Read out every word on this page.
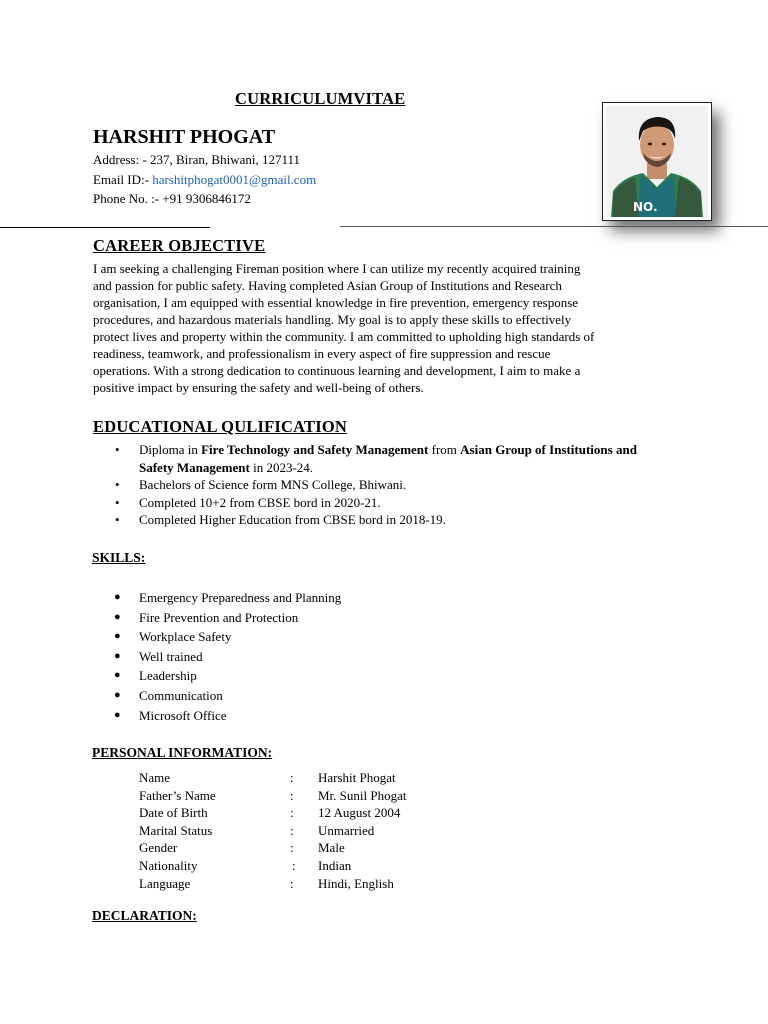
CURRICULUMVITAE
HARSHIT PHOGAT
Address: - 237, Biran, Bhiwani, 127111
Email ID:- harshitphogat0001@gmail.com
Phone No. :- +91 9306846172
NO.
CAREER OBJECTIVE
I am seeking a challenging Fireman position where I can utilize my recently acquired training
and passion for public safety. Having completed Asian Group of Institutions and Research
organisation, I am equipped with essential knowledge in fire prevention, emergency response
procedures, and hazardous materials handling. My goal is to apply these skills to effectively
protect lives and property within the community. I am committed to upholding high standards of
readiness, teamwork, and professionalism in every aspect of fire suppression and rescue
operations. With a strong dedication to continuous learning and development, I aim to make a
positive impact by ensuring the safety and well-being of others.
EDUCATIONAL QULIFICATION
• Diploma in Fire Technology and Safety Management from Asian Group of Institutions and Safety Management in 2023-24.
• Bachelors of Science form MNS College, Bhiwani.
• Completed 10+2 from CBSE bord in 2020-21.
• Completed Higher Education from CBSE bord in 2018-19.
SKILLS:
● Emergency Preparedness and Planning
● Fire Prevention and Protection
● Workplace Safety
● Well trained
● Leadership
● Communication
● Microsoft Office
PERSONAL INFORMATION:
Name	: Harshit Phogat
Father’s Name	: Mr. Sunil Phogat
Date of Birth	: 12 August 2004
Marital Status	: Unmarried
Gender	: Male
Nationality	: Indian
Language	: Hindi, English
DECLARATION:
